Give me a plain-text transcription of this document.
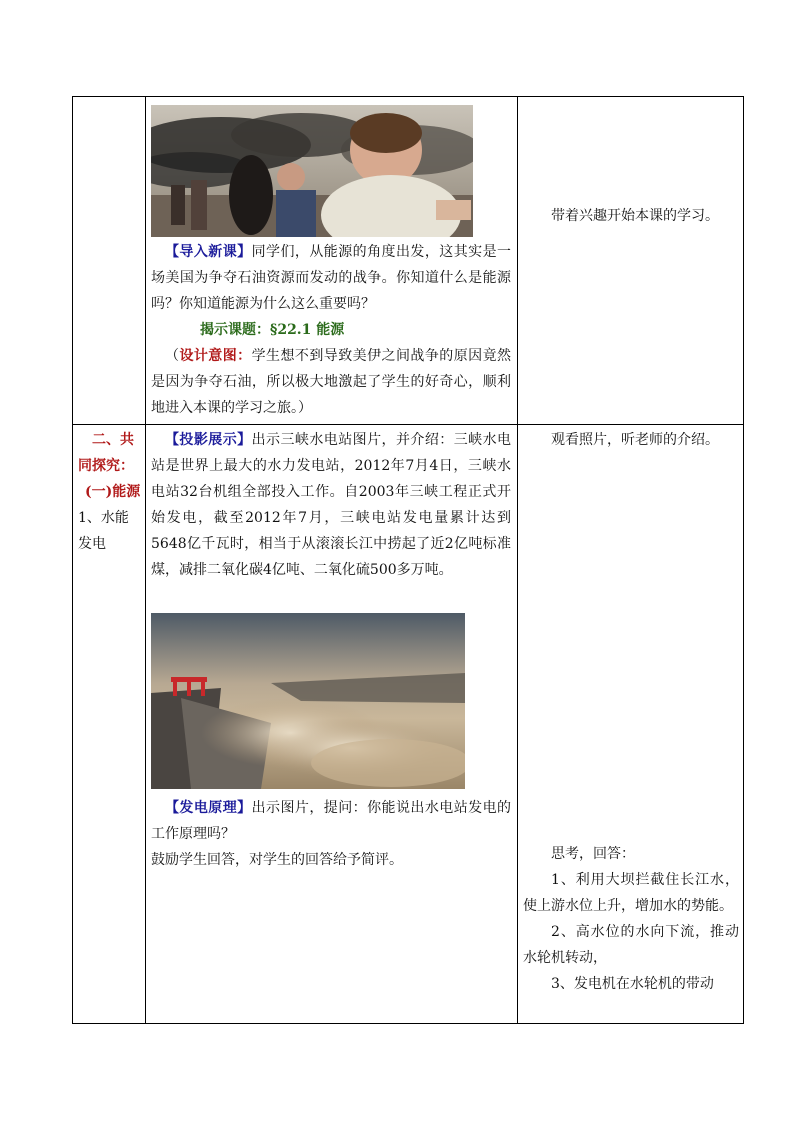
【导入新课】同学们，从能源的角度出发，这其实是一场美国为争夺石油资源而发动的战争。你知道什么是能源吗？你知道能源为什么这么重要吗？

揭示课题：§22.1 能源

（设计意图：学生想不到导致美伊之间战争的原因竟然是因为争夺石油，所以极大地激起了学生的好奇心，顺利地进入本课的学习之旅。）

带着兴趣开始本课的学习。

二、共同探究：
(一)能源
1、水能发电

【投影展示】出示三峡水电站图片，并介绍：三峡水电站是世界上最大的水力发电站，2012年7月4日，三峡水电站32台机组全部投入工作。自2003年三峡工程正式开始发电，截至2012年7月，三峡电站发电量累计达到5648亿千瓦时，相当于从滚滚长江中捞起了近2亿吨标准煤，减排二氧化碳4亿吨、二氧化硫500多万吨。

【发电原理】出示图片，提问：你能说出水电站发电的工作原理吗？

鼓励学生回答，对学生的回答给予简评。

观看照片，听老师的介绍。

思考，回答：

1、利用大坝拦截住长江水，使上游水位上升，增加水的势能。

2、高水位的水向下流，推动水轮机转动，

3、发电机在水轮机的带动
